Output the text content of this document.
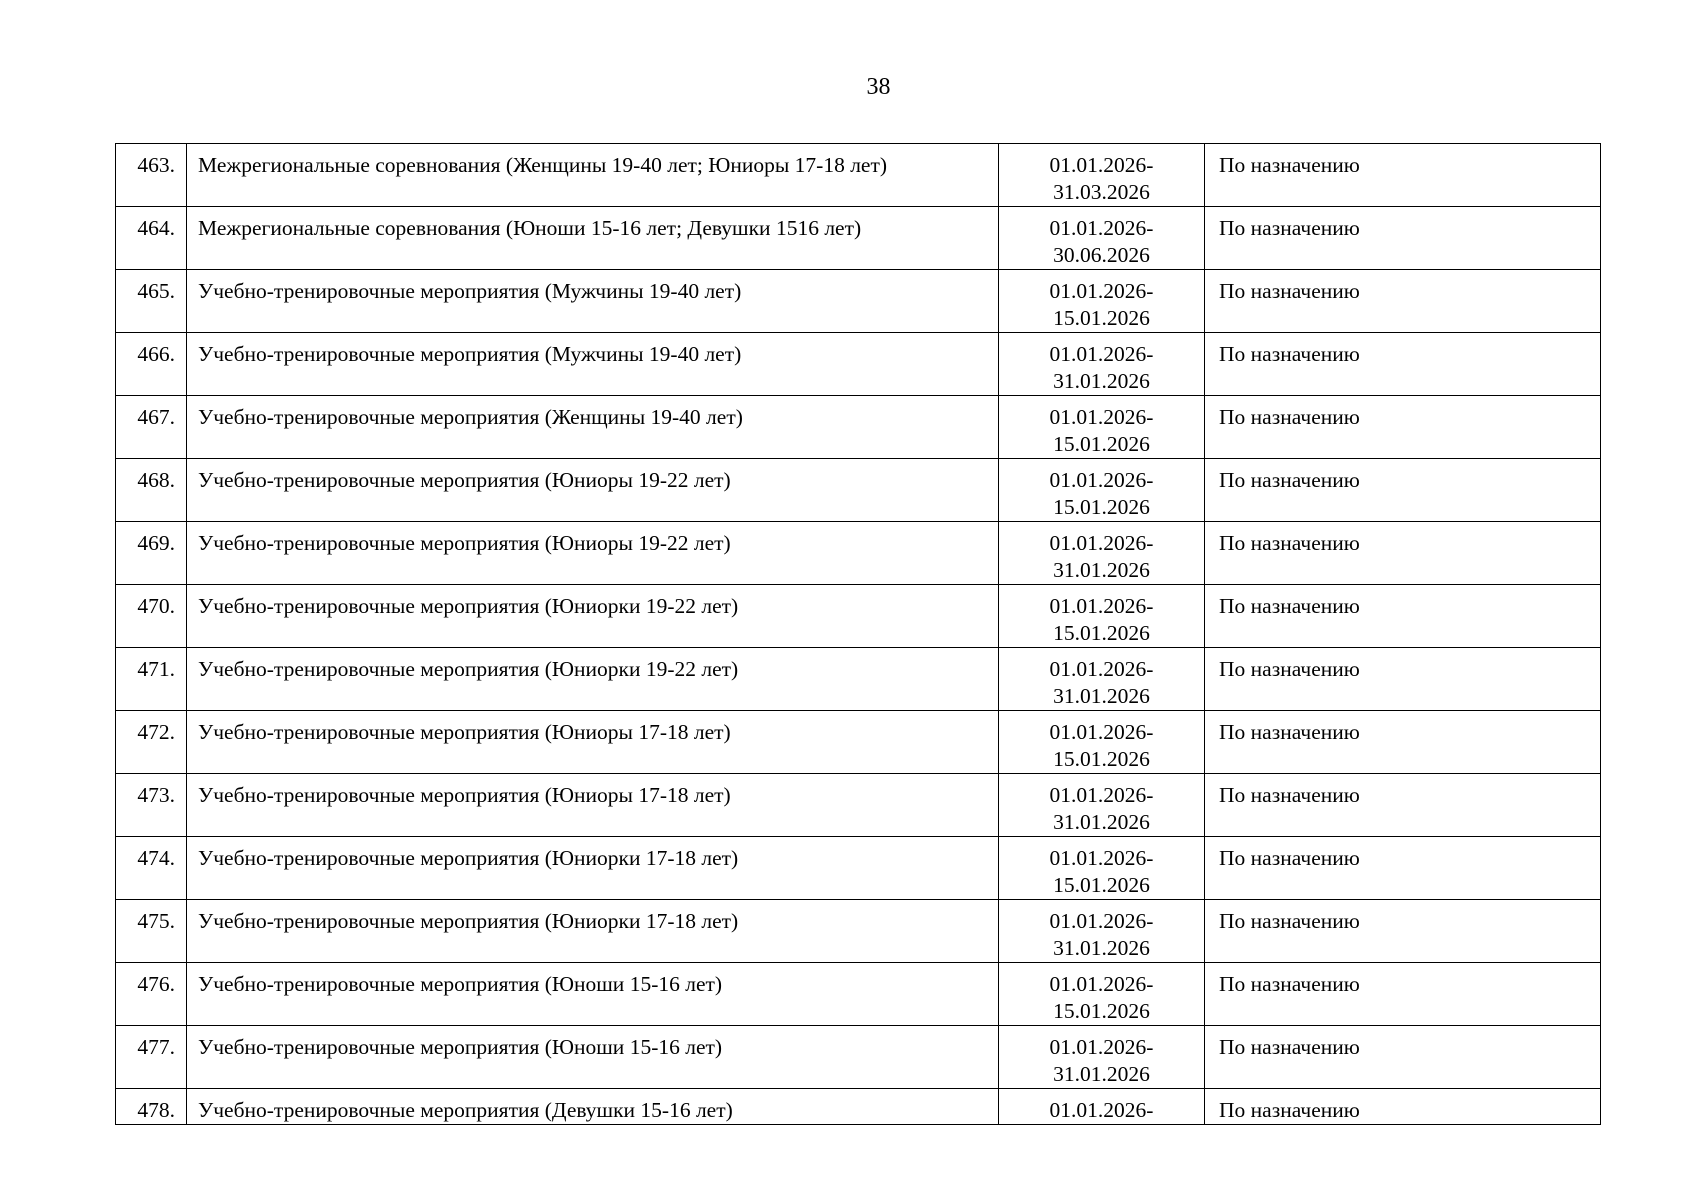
38
463.	Межрегиональные соревнования (Женщины 19-40 лет; Юниоры 17-18 лет)	01.01.2026-
31.03.2026	По назначению
464.	Межрегиональные соревнования (Юноши 15-16 лет; Девушки 1516 лет)	01.01.2026-
30.06.2026	По назначению
465.	Учебно-тренировочные мероприятия (Мужчины 19-40 лет)	01.01.2026-
15.01.2026	По назначению
466.	Учебно-тренировочные мероприятия (Мужчины 19-40 лет)	01.01.2026-
31.01.2026	По назначению
467.	Учебно-тренировочные мероприятия (Женщины 19-40 лет)	01.01.2026-
15.01.2026	По назначению
468.	Учебно-тренировочные мероприятия (Юниоры 19-22 лет)	01.01.2026-
15.01.2026	По назначению
469.	Учебно-тренировочные мероприятия (Юниоры 19-22 лет)	01.01.2026-
31.01.2026	По назначению
470.	Учебно-тренировочные мероприятия (Юниорки 19-22 лет)	01.01.2026-
15.01.2026	По назначению
471.	Учебно-тренировочные мероприятия (Юниорки 19-22 лет)	01.01.2026-
31.01.2026	По назначению
472.	Учебно-тренировочные мероприятия (Юниоры 17-18 лет)	01.01.2026-
15.01.2026	По назначению
473.	Учебно-тренировочные мероприятия (Юниоры 17-18 лет)	01.01.2026-
31.01.2026	По назначению
474.	Учебно-тренировочные мероприятия (Юниорки 17-18 лет)	01.01.2026-
15.01.2026	По назначению
475.	Учебно-тренировочные мероприятия (Юниорки 17-18 лет)	01.01.2026-
31.01.2026	По назначению
476.	Учебно-тренировочные мероприятия (Юноши 15-16 лет)	01.01.2026-
15.01.2026	По назначению
477.	Учебно-тренировочные мероприятия (Юноши 15-16 лет)	01.01.2026-
31.01.2026	По назначению
478.	Учебно-тренировочные мероприятия (Девушки 15-16 лет)	01.01.2026-	По назначению
